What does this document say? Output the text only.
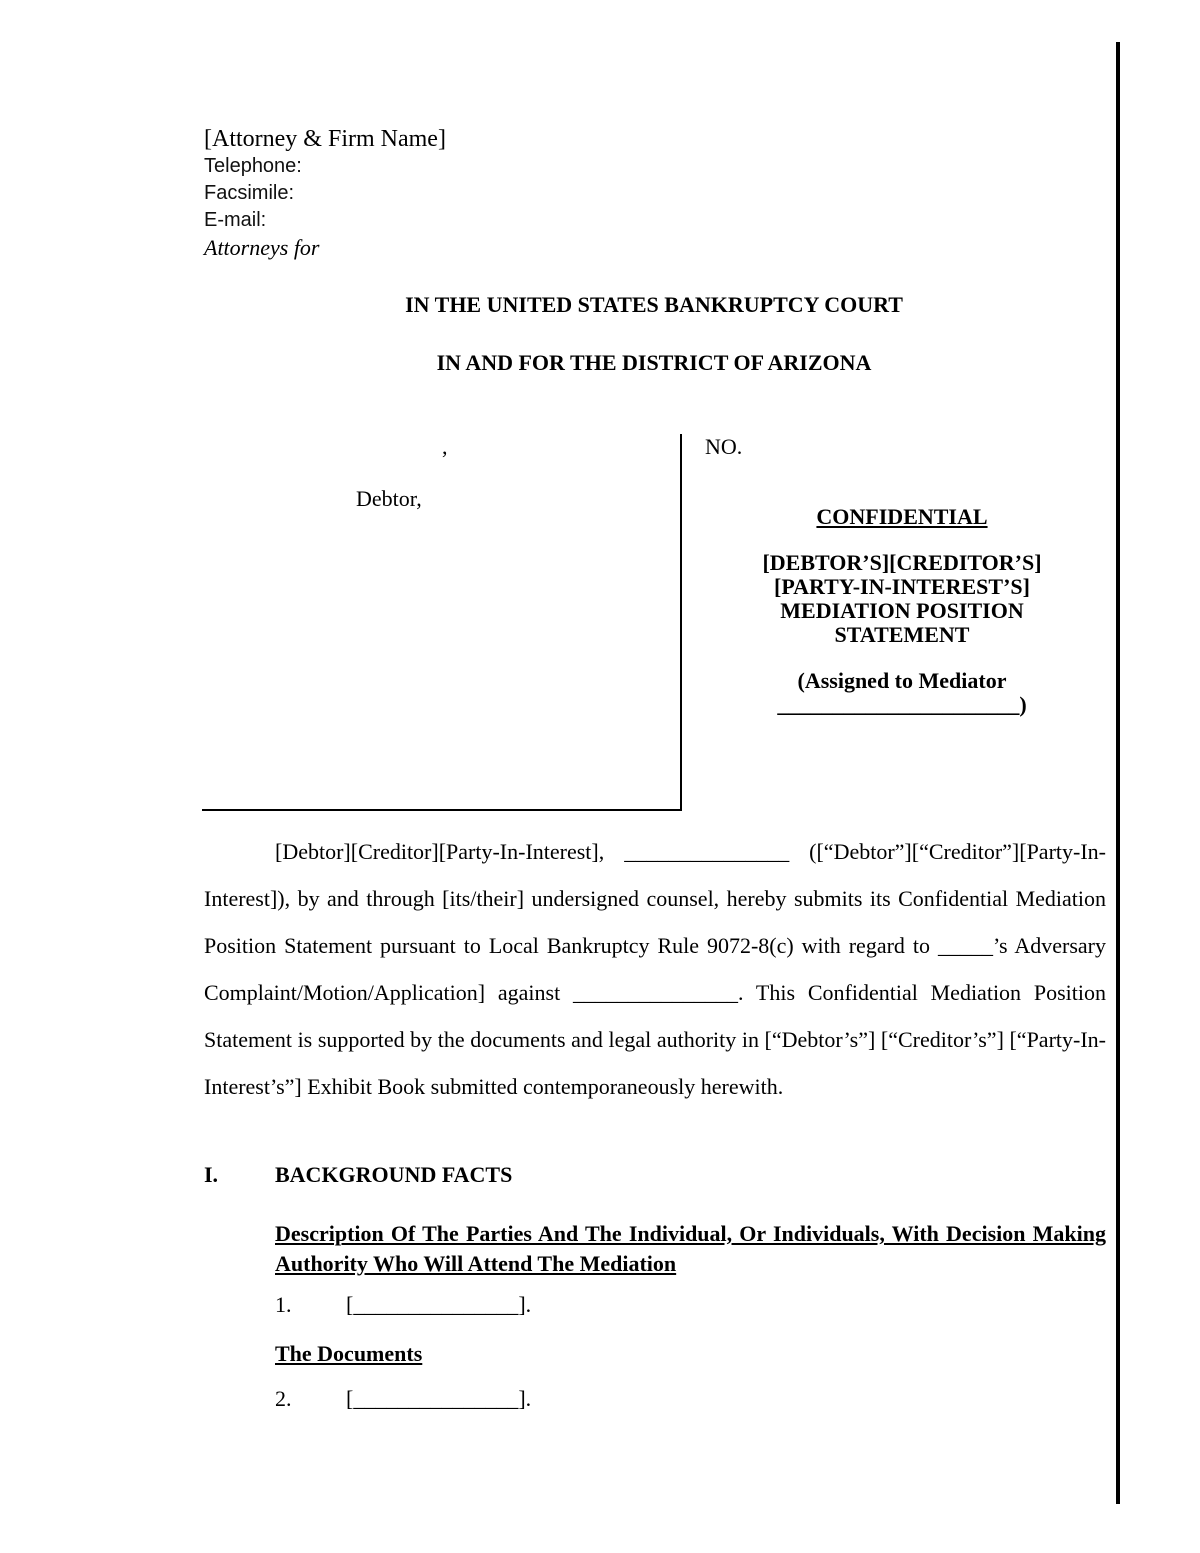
[Attorney & Firm Name]
Telephone:
Facsimile:
E-mail:
Attorneys for
IN THE UNITED STATES BANKRUPTCY COURT
IN AND FOR THE DISTRICT OF ARIZONA
,
Debtor,
NO.
CONFIDENTIAL
[DEBTOR’S][CREDITOR’S]
[PARTY-IN-INTEREST’S]
MEDIATION POSITION
STATEMENT
(Assigned to Mediator
______________________)
[Debtor][Creditor][Party-In-Interest], _______________ ([“Debtor”][“Creditor”][Party-In-Interest]), by and through [its/their] undersigned counsel, hereby submits its Confidential Mediation Position Statement pursuant to Local Bankruptcy Rule 9072-8(c) with regard to _____’s Adversary Complaint/Motion/Application] against _______________. This Confidential Mediation Position Statement is supported by the documents and legal authority in [“Debtor’s”] [“Creditor’s”] [“Party-In-Interest’s”] Exhibit Book submitted contemporaneously herewith.
I.	BACKGROUND FACTS
Description Of The Parties And The Individual, Or Individuals, With Decision Making Authority Who Will Attend The Mediation
1. [_______________].
The Documents
2. [_______________].
